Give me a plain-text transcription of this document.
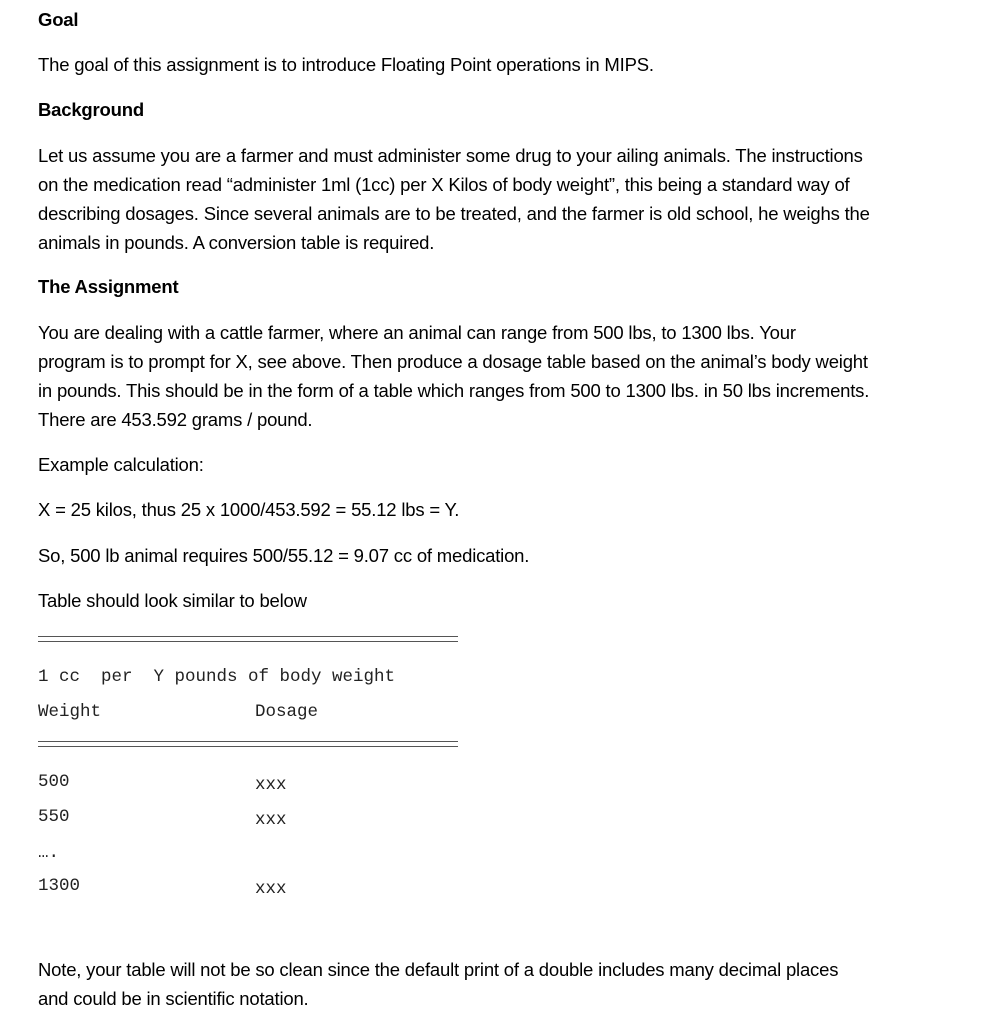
Goal
The goal of this assignment is to introduce Floating Point operations in MIPS.
Background
Let us assume you are a farmer and must administer some drug to your ailing animals. The instructions
on the medication read “administer 1ml (1cc) per X Kilos of body weight”, this being a standard way of
describing dosages. Since several animals are to be treated, and the farmer is old school, he weighs the
animals in pounds. A conversion table is required.
The Assignment
You are dealing with a cattle farmer, where an animal can range from 500 lbs, to 1300 lbs. Your
program is to prompt for X, see above. Then produce a dosage table based on the animal’s body weight
in pounds. This should be in the form of a table which ranges from 500 to 1300 lbs. in 50 lbs increments.
There are 453.592 grams / pound.
Example calculation:
X = 25 kilos, thus 25 x 1000/453.592 = 55.12 lbs = Y.
So, 500 lb animal requires 500/55.12 = 9.07 cc of medication.
Table should look similar to below
1 cc  per  Y pounds of body weight
Weight	Dosage
500	xxx
550	xxx
….
1300	xxx
Note, your table will not be so clean since the default print of a double includes many decimal places
and could be in scientific notation.
